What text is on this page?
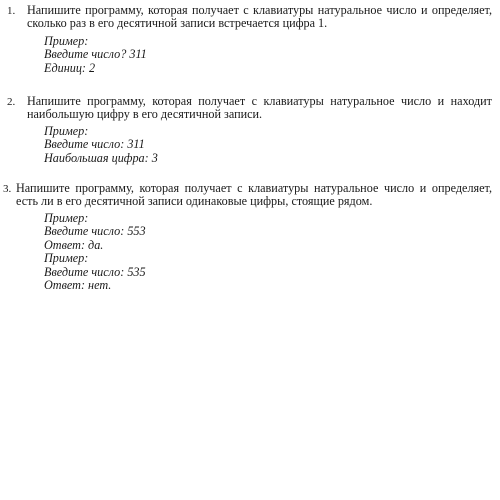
1. Напишите программу, которая получает с клавиатуры натуральное число и определяет, сколько раз в его десятичной записи встречается цифра 1.
Пример:
Введите число? 311
Единиц: 2
2. Напишите программу, которая получает с клавиатуры натуральное число и находит наибольшую цифру в его десятичной записи.
Пример:
Введите число: 311
Наибольшая цифра: 3
3. Напишите программу, которая получает с клавиатуры натуральное число и определяет, есть ли в его десятичной записи одинаковые цифры, стоящие рядом.
Пример:
Введите число: 553
Ответ: да.
Пример:
Введите число: 535
Ответ: нет.
